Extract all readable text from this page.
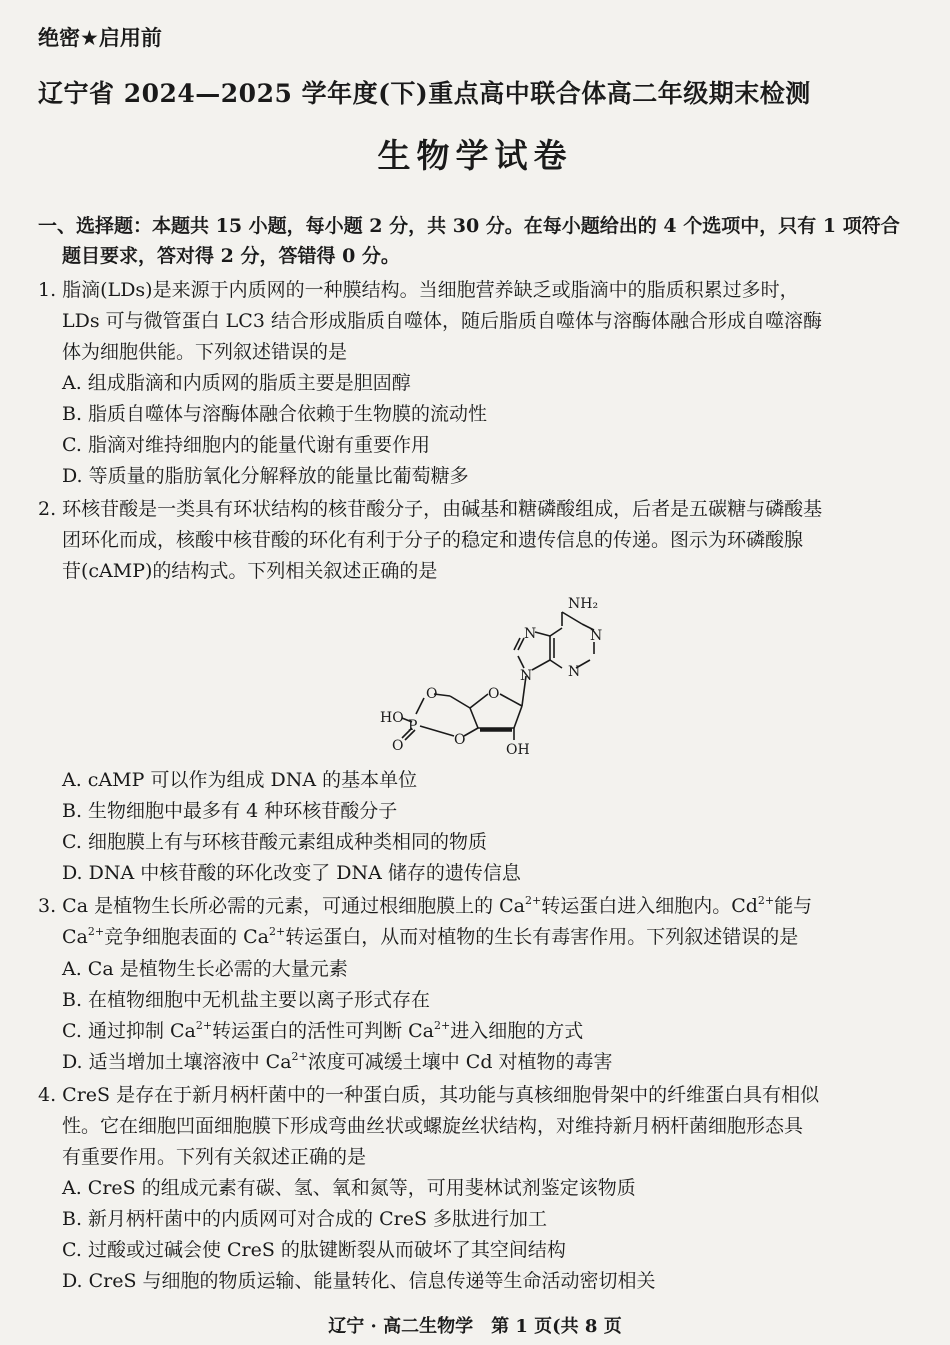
绝密★启用前
辽宁省 2024—2025 学年度(下)重点高中联合体高二年级期末检测
生物学试卷
一、选择题：本题共 15 小题，每小题 2 分，共 30 分。在每小题给出的 4 个选项中，只有 1 项符合
题目要求，答对得 2 分，答错得 0 分。
1. 脂滴(LDs)是来源于内质网的一种膜结构。当细胞营养缺乏或脂滴中的脂质积累过多时，
LDs 可与微管蛋白 LC3 结合形成脂质自噬体，随后脂质自噬体与溶酶体融合形成自噬溶酶
体为细胞供能。下列叙述错误的是
A. 组成脂滴和内质网的脂质主要是胆固醇
B. 脂质自噬体与溶酶体融合依赖于生物膜的流动性
C. 脂滴对维持细胞内的能量代谢有重要作用
D. 等质量的脂肪氧化分解释放的能量比葡萄糖多
2. 环核苷酸是一类具有环状结构的核苷酸分子，由碱基和糖磷酸组成，后者是五碳糖与磷酸基
团环化而成，核酸中核苷酸的环化有利于分子的稳定和遗传信息的传递。图示为环磷酸腺
苷(cAMP)的结构式。下列相关叙述正确的是
NH₂
N
N
N
N
O
O
O
HO P
O	OH
A. cAMP 可以作为组成 DNA 的基本单位
B. 生物细胞中最多有 4 种环核苷酸分子
C. 细胞膜上有与环核苷酸元素组成种类相同的物质
D. DNA 中核苷酸的环化改变了 DNA 储存的遗传信息
3. Ca 是植物生长所必需的元素，可通过根细胞膜上的 $Ca^{2+}$转运蛋白进入细胞内。$Cd^{2+}$能与
$Ca^{2+}$竞争细胞表面的 $Ca^{2+}$转运蛋白，从而对植物的生长有毒害作用。下列叙述错误的是
A. Ca 是植物生长必需的大量元素
B. 在植物细胞中无机盐主要以离子形式存在
C. 通过抑制 $Ca^{2+}$转运蛋白的活性可判断 $Ca^{2+}$进入细胞的方式
D. 适当增加土壤溶液中 $Ca^{2+}$浓度可减缓土壤中 Cd 对植物的毒害
4. CreS 是存在于新月柄杆菌中的一种蛋白质，其功能与真核细胞骨架中的纤维蛋白具有相似
性。它在细胞凹面细胞膜下形成弯曲丝状或螺旋丝状结构，对维持新月柄杆菌细胞形态具
有重要作用。下列有关叙述正确的是
A. CreS 的组成元素有碳、氢、氧和氮等，可用斐林试剂鉴定该物质
B. 新月柄杆菌中的内质网可对合成的 CreS 多肽进行加工
C. 过酸或过碱会使 CreS 的肽键断裂从而破坏了其空间结构
D. CreS 与细胞的物质运输、能量转化、信息传递等生命活动密切相关
辽宁 · 高二生物学　第 1 页(共 8 页
